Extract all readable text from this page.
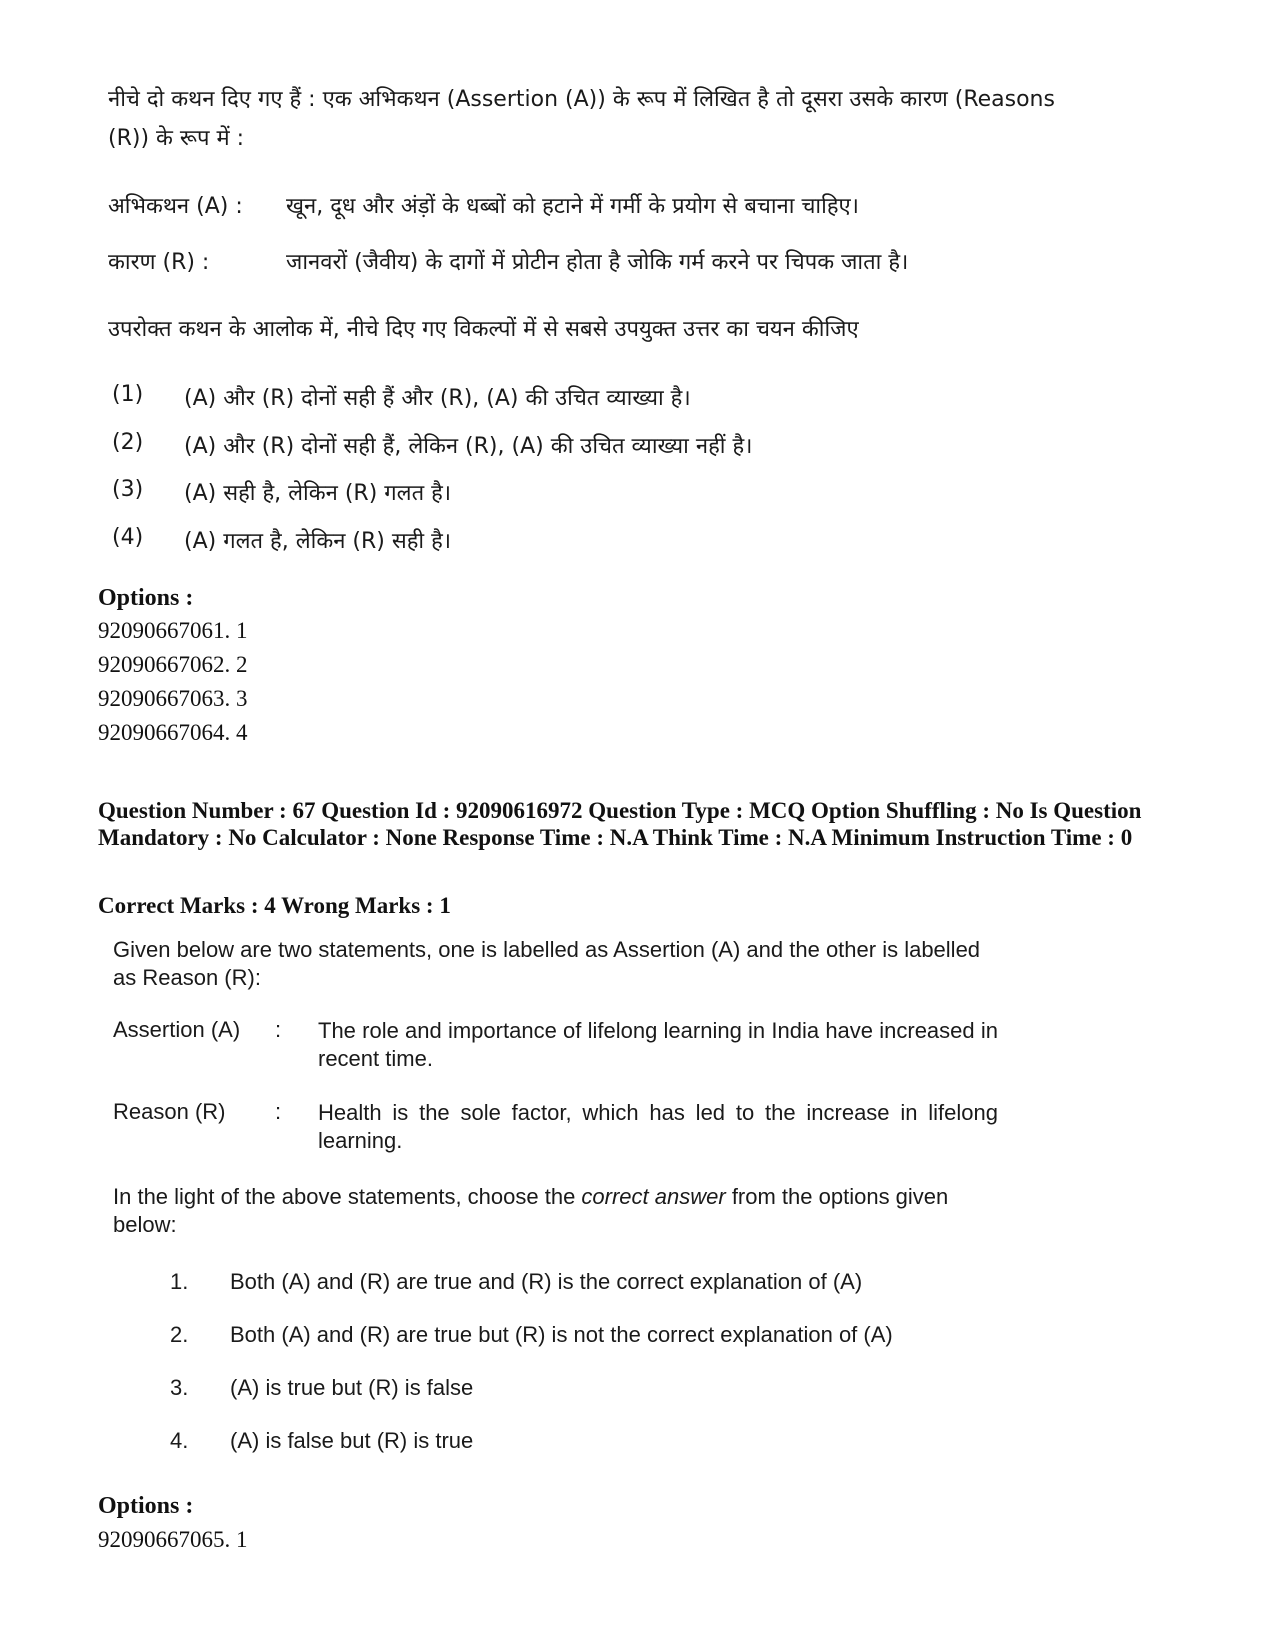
नीचे दो कथन दिए गए हैं : एक अभिकथन (Assertion (A)) के रूप में लिखित है तो दूसरा उसके कारण (Reasons (R)) के रूप में :
अभिकथन (A) :	खून, दूध और अंड़ों के धब्बों को हटाने में गर्मी के प्रयोग से बचाना चाहिए।
कारण (R) :	जानवरों (जैवीय) के दागों में प्रोटीन होता है जोकि गर्म करने पर चिपक जाता है।
उपरोक्त कथन के आलोक में, नीचे दिए गए विकल्पों में से सबसे उपयुक्त उत्तर का चयन कीजिए
(1) (A) और (R) दोनों सही हैं और (R), (A) की उचित व्याख्या है।
(2) (A) और (R) दोनों सही हैं, लेकिन (R), (A) की उचित व्याख्या नहीं है।
(3) (A) सही है, लेकिन (R) गलत है।
(4) (A) गलत है, लेकिन (R) सही है।
Options :
92090667061. 1
92090667062. 2
92090667063. 3
92090667064. 4
Question Number : 67 Question Id : 92090616972 Question Type : MCQ Option Shuffling : No Is Question Mandatory : No Calculator : None Response Time : N.A Think Time : N.A Minimum Instruction Time : 0
Correct Marks : 4 Wrong Marks : 1
Given below are two statements, one is labelled as Assertion (A) and the other is labelled as Reason (R):
Assertion (A) : The role and importance of lifelong learning in India have increased in recent time.
Reason (R) : Health is the sole factor, which has led to the increase in lifelong learning.
In the light of the above statements, choose the correct answer from the options given below:
1. Both (A) and (R) are true and (R) is the correct explanation of (A)
2. Both (A) and (R) are true but (R) is not the correct explanation of (A)
3. (A) is true but (R) is false
4. (A) is false but (R) is true
Options :
92090667065. 1
